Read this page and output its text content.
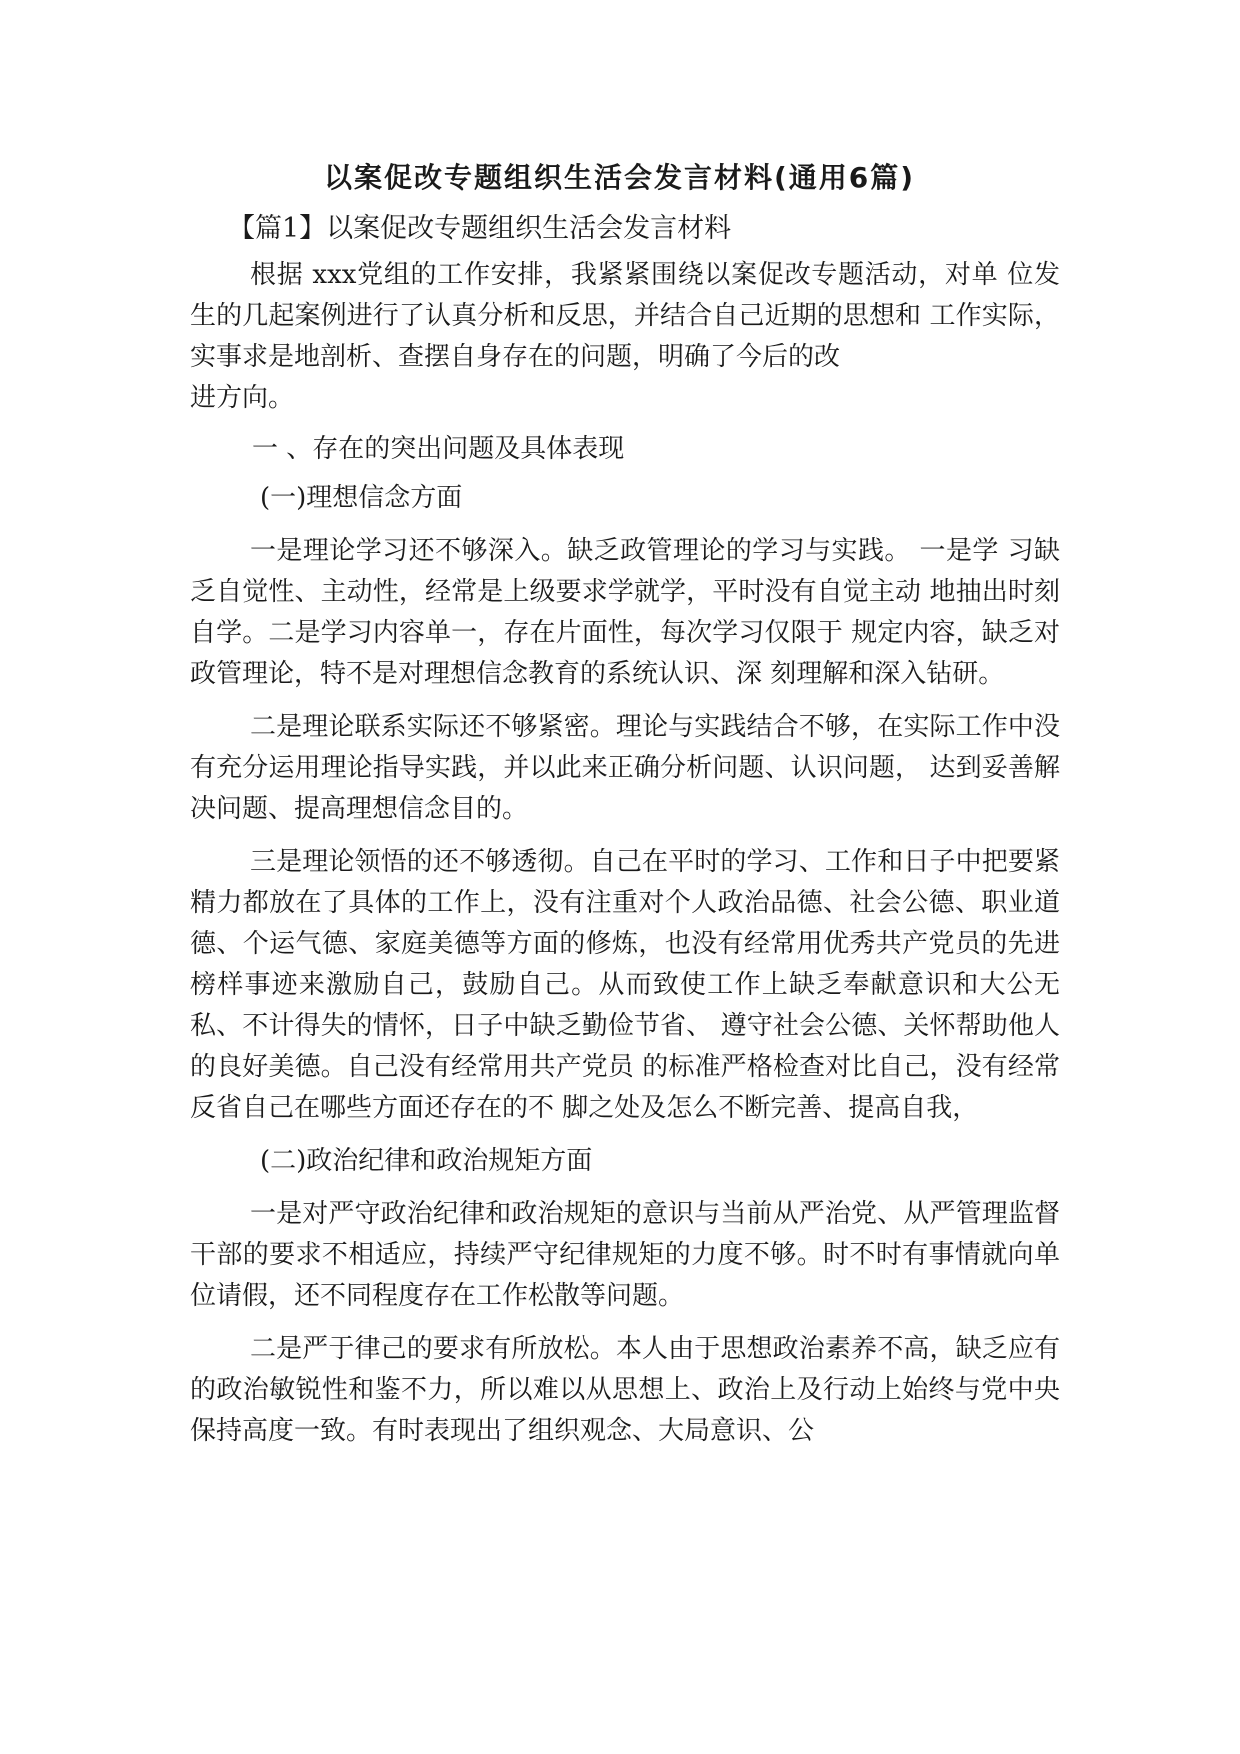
以案促改专题组织生活会发言材料(通用6篇)
【篇1】以案促改专题组织生活会发言材料

根据 xxx党组的工作安排，我紧紧围绕以案促改专题活动，对单 位发生的几起案例进行了认真分析和反思，并结合自己近期的思想和 工作实际，实事求是地剖析、查摆自身存在的问题，明确了今后的改

进方向。

一 、存在的突出问题及具体表现

(一)理想信念方面

一是理论学习还不够深入。缺乏政管理论的学习与实践。 一是学 习缺乏自觉性、主动性，经常是上级要求学就学，平时没有自觉主动 地抽出时刻自学。二是学习内容单一，存在片面性，每次学习仅限于 规定内容，缺乏对政管理论，特不是对理想信念教育的系统认识、深 刻理解和深入钻研。

二是理论联系实际还不够紧密。理论与实践结合不够，在实际工作中没有充分运用理论指导实践，并以此来正确分析问题、认识问题， 达到妥善解决问题、提高理想信念目的。

三是理论领悟的还不够透彻。自己在平时的学习、工作和日子中把要紧精力都放在了具体的工作上，没有注重对个人政治品德、社会公德、职业道德、个运气德、家庭美德等方面的修炼，也没有经常用优秀共产党员的先进榜样事迹来激励自己，鼓励自己。从而致使工作上缺乏奉献意识和大公无私、不计得失的情怀，日子中缺乏勤俭节省、 遵守社会公德、关怀帮助他人的良好美德。自己没有经常用共产党员 的标准严格检查对比自己，没有经常反省自己在哪些方面还存在的不 脚之处及怎么不断完善、提高自我，

(二)政治纪律和政治规矩方面

一是对严守政治纪律和政治规矩的意识与当前从严治党、从严管理监督干部的要求不相适应，持续严守纪律规矩的力度不够。时不时有事情就向单位请假，还不同程度存在工作松散等问题。

二是严于律己的要求有所放松。本人由于思想政治素养不高，缺乏应有的政治敏锐性和鉴不力，所以难以从思想上、政治上及行动上始终与党中央保持高度一致。有时表现出了组织观念、大局意识、公
